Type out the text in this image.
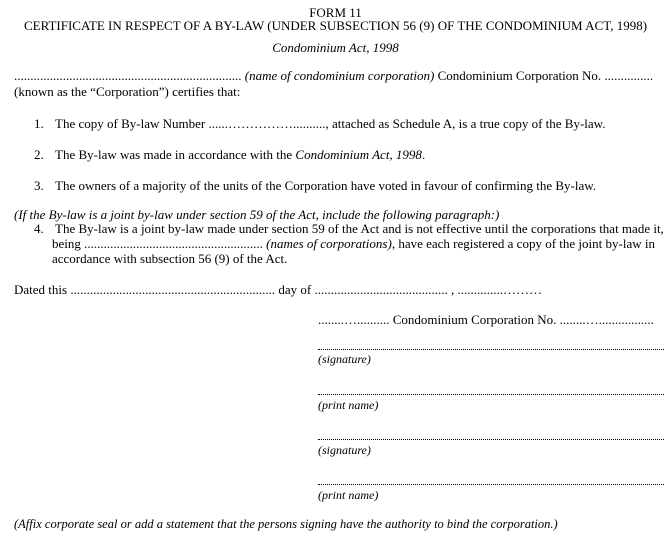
FORM 11
CERTIFICATE IN RESPECT OF A BY-LAW (UNDER SUBSECTION 56 (9) OF THE CONDOMINIUM ACT, 1998)
Condominium Act, 1998
...................................................................... (name of condominium corporation) Condominium Corporation No. ...............
(known as the “Corporation”) certifies that:
1. The copy of By-law Number ......…………….........., attached as Schedule A, is a true copy of the By-law.
2. The By-law was made in accordance with the Condominium Act, 1998.
3. The owners of a majority of the units of the Corporation have voted in favour of confirming the By-law.
(If the By-law is a joint by-law under section 59 of the Act, include the following paragraph:)
4. The By-law is a joint by-law made under section 59 of the Act and is not effective until the corporations that made it,
being ....................................................... (names of corporations), have each registered a copy of the joint by-law in
accordance with subsection 56 (9) of the Act.
Dated this ............................................................... day of ......................................... , ..............………
........….......... Condominium Corporation No. ........….................
(signature)
(print name)
(signature)
(print name)
(Affix corporate seal or add a statement that the persons signing have the authority to bind the corporation.)
